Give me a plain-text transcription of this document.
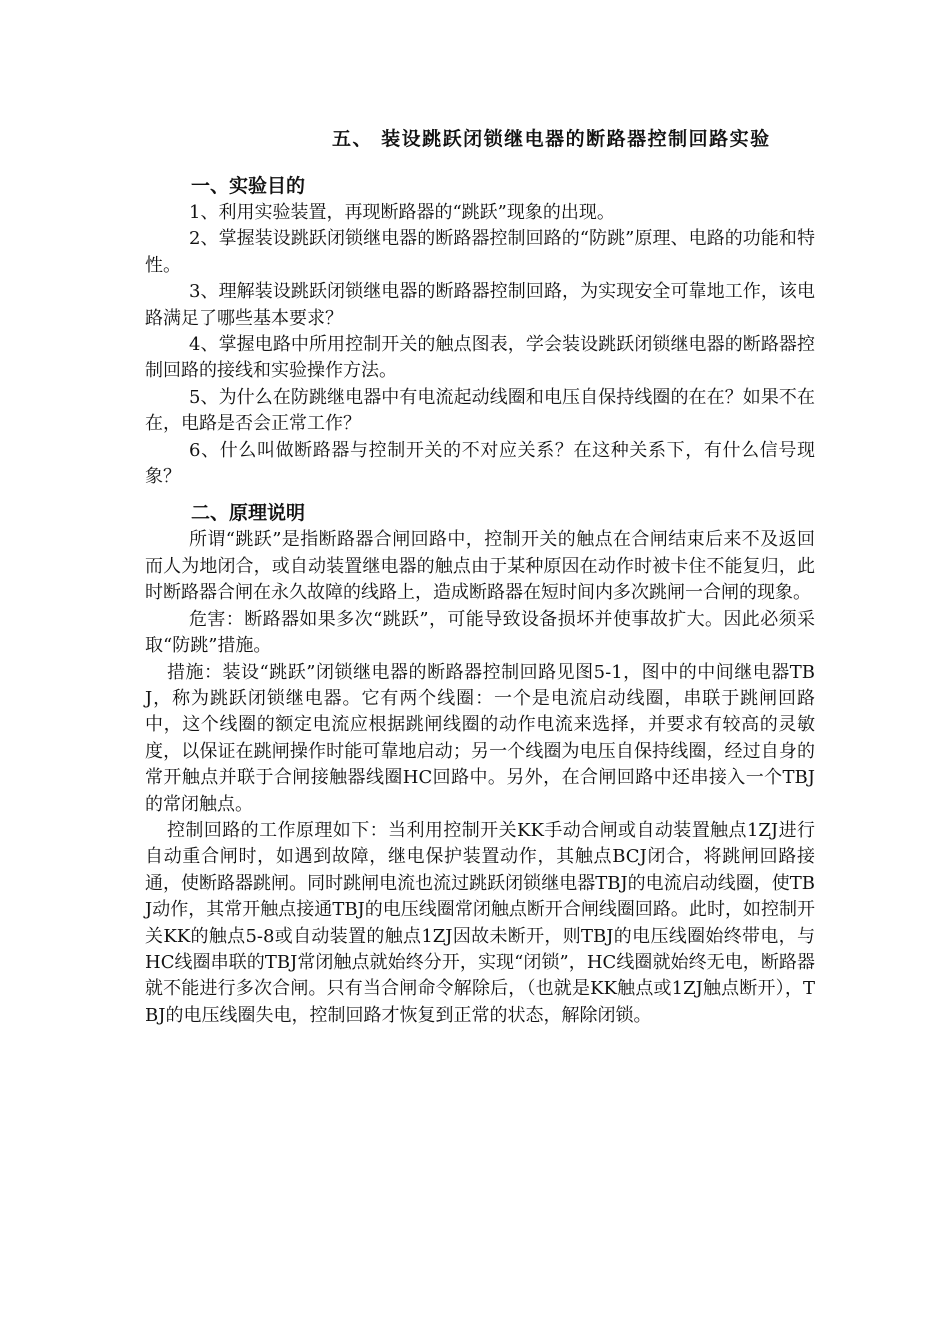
五、 装设跳跃闭锁继电器的断路器控制回路实验
一、实验目的
1、利用实验装置，再现断路器的“跳跃”现象的出现。
2、掌握装设跳跃闭锁继电器的断路器控制回路的“防跳”原理、电路的功能和特性。
3、理解装设跳跃闭锁继电器的断路器控制回路，为实现安全可靠地工作，该电路满足了哪些基本要求？
4、掌握电路中所用控制开关的触点图表，学会装设跳跃闭锁继电器的断路器控制回路的接线和实验操作方法。
5、为什么在防跳继电器中有电流起动线圈和电压自保持线圈的在在？如果不在在，电路是否会正常工作？
6、什么叫做断路器与控制开关的不对应关系？在这种关系下，有什么信号现象？
二、原理说明
所谓“跳跃”是指断路器合闸回路中，控制开关的触点在合闸结束后来不及返回而人为地闭合，或自动装置继电器的触点由于某种原因在动作时被卡住不能复归，此时断路器合闸在永久故障的线路上，造成断路器在短时间内多次跳闸一合闸的现象。
危害：断路器如果多次“跳跃”，可能导致设备损坏并使事故扩大。因此必须采取“防跳”措施。
措施：装设“跳跃”闭锁继电器的断路器控制回路见图5-1，图中的中间继电器TBJ，称为跳跃闭锁继电器。它有两个线圈：一个是电流启动线圈，串联于跳闸回路中，这个线圈的额定电流应根据跳闸线圈的动作电流来选择，并要求有较高的灵敏度，以保证在跳闸操作时能可靠地启动；另一个线圈为电压自保持线圈，经过自身的常开触点并联于合闸接触器线圈HC回路中。另外，在合闸回路中还串接入一个TBJ的常闭触点。
控制回路的工作原理如下：当利用控制开关KK手动合闸或自动装置触点1ZJ进行自动重合闸时，如遇到故障，继电保护装置动作，其触点BCJ闭合，将跳闸回路接通，使断路器跳闸。同时跳闸电流也流过跳跃闭锁继电器TBJ的电流启动线圈，使TBJ动作，其常开触点接通TBJ的电压线圈常闭触点断开合闸线圈回路。此时，如控制开关KK的触点5-8或自动装置的触点1ZJ因故未断开，则TBJ的电压线圈始终带电，与HC线圈串联的TBJ常闭触点就始终分开，实现“闭锁”，HC线圈就始终无电，断路器就不能进行多次合闸。只有当合闸命令解除后，（也就是KK触点或1ZJ触点断开），TBJ的电压线圈失电，控制回路才恢复到正常的状态，解除闭锁。
